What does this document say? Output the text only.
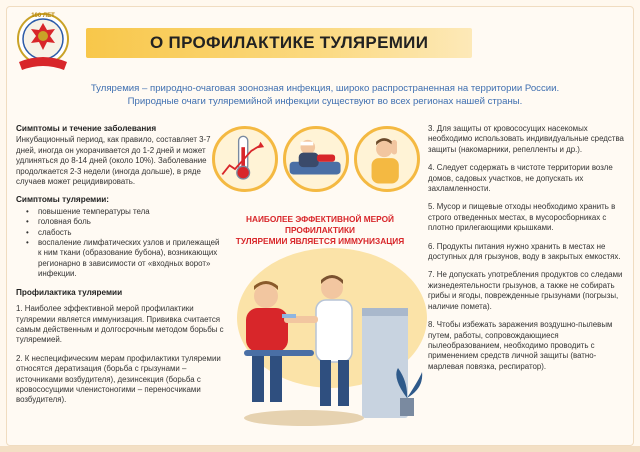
100 ЛЕТ
О ПРОФИЛАКТИКЕ ТУЛЯРЕМИИ
Туляремия – природно-очаговая зоонозная инфекция, широко распространенная на территории России.
Природные очаги туляремийной инфекции существуют во всех регионах нашей страны.
Симптомы и течение заболевания

Инкубационный период, как правило, составляет 3-7 дней, иногда он укорачивается до 1-2 дней и может удлиняться до 8-14 дней (около 10%). Заболевание продолжается 2-3 недели (иногда дольше), в ряде случаев может рецидивировать.

Симптомы туляремии:
• повышение температуры тела
• головная боль
• слабость
• воспаление лимфатических узлов и прилежащей к ним ткани (образование бубона), возникающих регионарно в зависимости от «входных ворот» инфекции.
Профилактика туляремии

1. Наиболее эффективной мерой профилактики туляремии является иммунизация. Прививка считается самым действенным и долгосрочным методом борьбы с туляремией.

2. К неспецифическим мерам профилактики туляремии относятся дератизация (борьба с грызунами – источниками возбудителя), дезинсекция (борьба с кровососущими членистоногими – переносчиками возбудителя).

НАИБОЛЕЕ ЭФФЕКТИВНОЙ МЕРОЙ ПРОФИЛАКТИКИ
ТУЛЯРЕМИИ ЯВЛЯЕТСЯ ИММУНИЗАЦИЯ

3. Для защиты от кровососущих насекомых необходимо использовать индивидуальные средства защиты (накомарники, репелленты и др.).

4. Следует содержать в чистоте территории возле домов, садовых участков, не допускать их захламленности.

5. Мусор и пищевые отходы необходимо хранить в строго отведенных местах, в мусоросборниках с плотно прилегающими крышками.

6. Продукты питания нужно хранить в местах не доступных для грызунов, воду в закрытых емкостях.

7. Не допускать употребления продуктов со следами жизнедеятельности грызунов, а также не собирать грибы и ягоды, поврежденные грызунами (погрызы, наличие помета).

8. Чтобы избежать заражения воздушно-пылевым путем, работы, сопровождающиеся пылеобразованием, необходимо проводить с применением средств личной защиты (ватно-марлевая повязка, респиратор).
